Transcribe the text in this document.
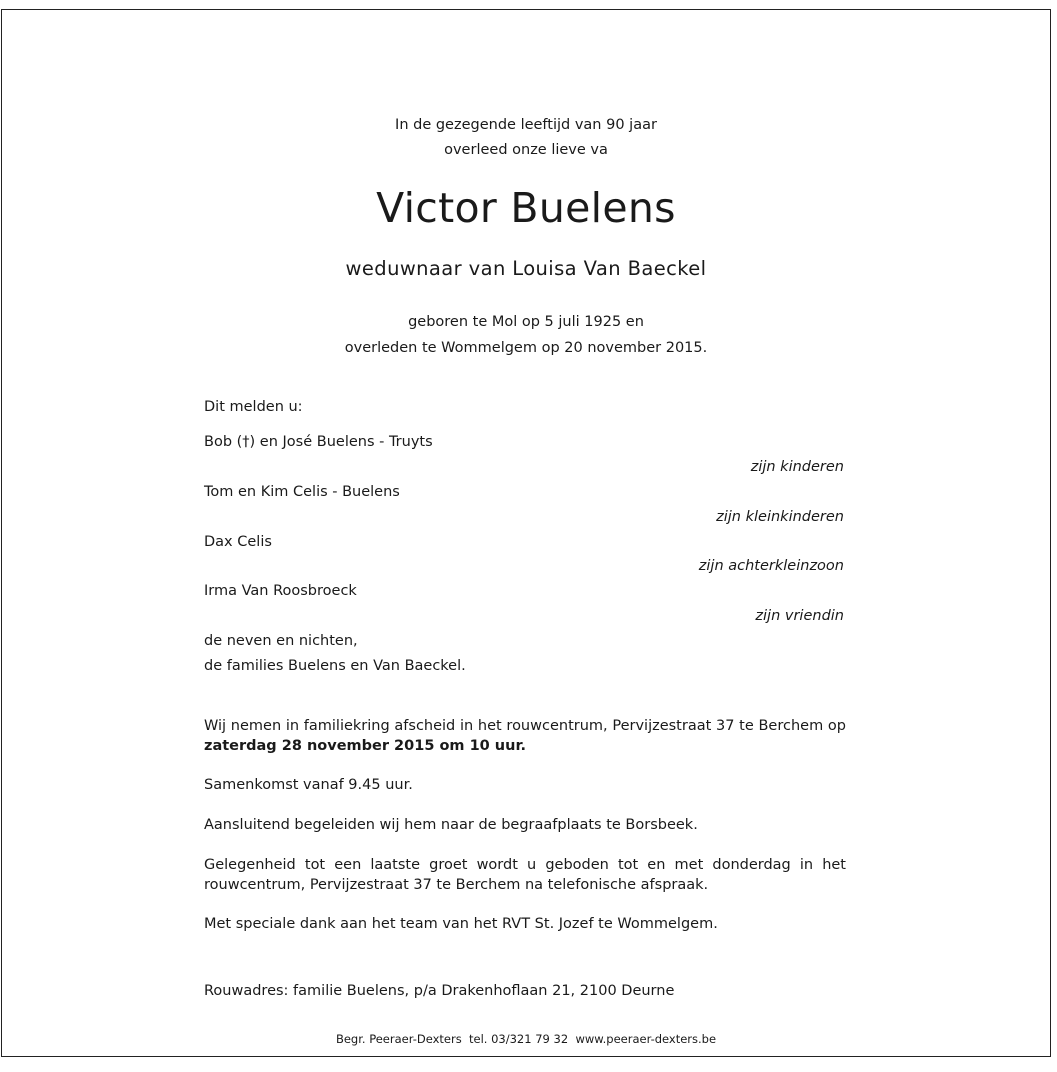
In de gezegende leeftijd van 90 jaar

overleed onze lieve va

Victor Buelens

weduwnaar van Louisa Van Baeckel

geboren te Mol op 5 juli 1925 en

overleden te Wommelgem op 20 november 2015.

Dit melden u:

Bob (†) en José Buelens - Truyts

zijn kinderen

Tom en Kim Celis - Buelens

zijn kleinkinderen

Dax Celis

zijn achterkleinzoon

Irma Van Roosbroeck

zijn vriendin

de neven en nichten,

de families Buelens en Van Baeckel.

Wij nemen in familiekring afscheid in het rouwcentrum, Pervijzestraat 37 te Berchem op zaterdag 28 november 2015 om 10 uur.

Samenkomst vanaf 9.45 uur.

Aansluitend begeleiden wij hem naar de begraafplaats te Borsbeek.

Gelegenheid tot een laatste groet wordt u geboden tot en met donderdag in het rouwcentrum, Pervijzestraat 37 te Berchem na telefonische afspraak.

Met speciale dank aan het team van het RVT St. Jozef te Wommelgem.

Rouwadres: familie Buelens, p/a Drakenhoflaan 21, 2100 Deurne

Begr. Peeraer-Dexters  tel. 03/321 79 32  www.peeraer-dexters.be
